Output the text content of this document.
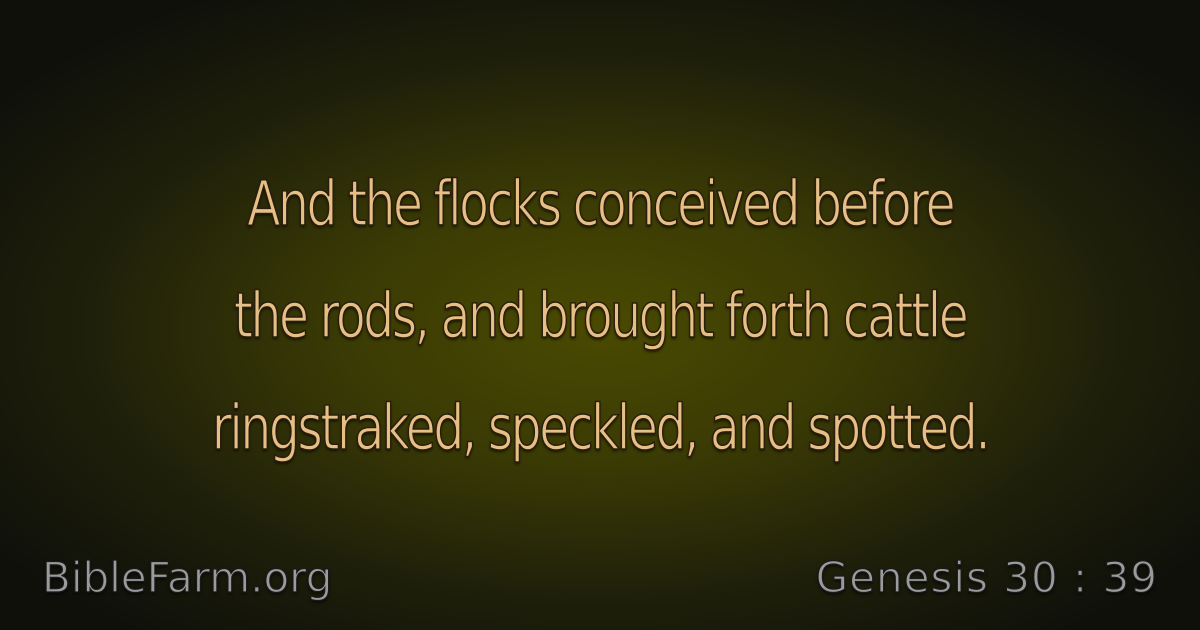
And the flocks conceived before
the rods, and brought forth cattle
ringstraked, speckled, and spotted.

BibleFarm.org	Genesis 30 : 39
